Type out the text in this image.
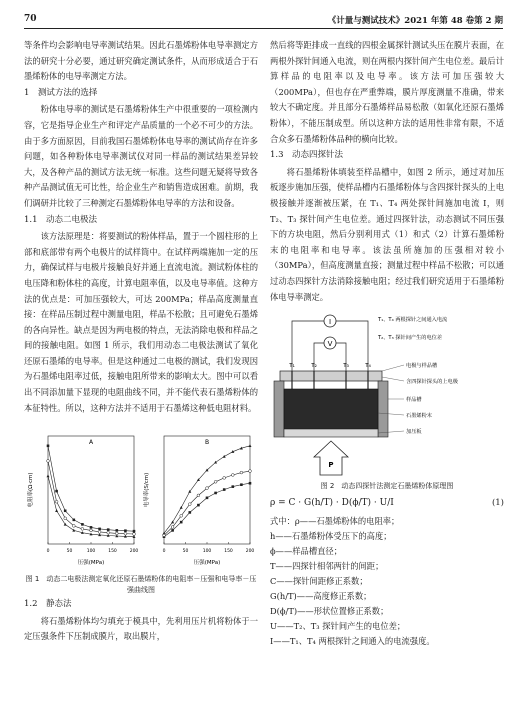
70	《计量与测试技术》2021 年第 48 卷第 2 期

等条件均会影响电导率测试结果。因此石墨烯粉体电导率测定方法的研究十分必要，通过研究确定测试条件，从而形成适合于石墨烯粉体的电导率测定方法。

1　测试方法的选择

粉体电导率的测试是石墨烯粉体生产中很重要的一项检测内容，它是指导企业生产和评定产品质量的一个必不可少的方法。由于多方面原因，目前我国石墨烯粉体电导率的测试尚存在许多问题，如各种粉体电导率测试仪对同一样品的测试结果差异较大，及各种产品的测试方法无统一标准。这些问题无疑将导致各种产品测试值无可比性，给企业生产和销售造成困难。前期，我们调研并比较了三种测定石墨烯粉体电导率的方法和设备。

1.1　动态二电极法

该方法原理是：将要测试的粉体样品，置于一个圆柱形的上部和底部带有两个电极片的试样筒中。在试样两端施加一定的压力，确保试样与电极片接触良好并通上直流电流。测试粉体柱的电压降和粉体柱的高度，计算电阻率值，以及电导率值。这种方法的优点是：可加压强较大，可达 200MPa；样品高度测量直接：在样品压制过程中测量电阻，样品不松散；且可避免石墨烯的各向异性。缺点是因为两电极的特点，无法消除电极和样品之间的接触电阻。如图 1 所示，我们用动态二电极法测试了氧化还原石墨烯的电导率。但是这种通过二电极的测试，我们发现因为石墨烯电阻率过低，接触电阻所带来的影响太大。图中可以看出不同添加量下显现的电阻曲线不同，并不能代表石墨烯粉体的本征特性。所以，这种方法并不适用于石墨烯这种低电阻材料。

A
压强(MPa)
电阻率(Ω·cm)
0	50	100	150	200
B
压强(MPa)
电导率(S/cm)
0	50	100	150	200
图 1　动态二电极法测定氧化还原石墨烯粉体的电阻率－压强和电导率－压强曲线图
1.2　静态法

将石墨烯粉体均匀填充于模具中，先利用压片机将粉体于一定压强条件下压制成膜片，取出膜片，

然后将等距排成一直线的四根金属探针测试头压在膜片表面，在两根外探针间通入电流，则在两根内探针间产生电位差。最后计算样品的电阻率以及电导率。该方法可加压强较大（200MPa），但也存在严重弊端，膜片厚度测量不准确，带来较大不确定度。并且部分石墨烯样品易松散（如氧化还原石墨烯粉体），不能压制成型。所以这种方法的适用性非常有限，不适合众多石墨烯粉体品种的横向比较。

1.3　动态四探针法

将石墨烯粉体填装至样品槽中，如图 2 所示，通过对加压板逐步施加压强，使样品槽内石墨烯粉体与含四探针探头的上电极接触并逐渐被压紧，在 T₁、T₄ 两处探针间施加电流 I，则 T₂、T₃ 探针间产生电位差。通过四探针法，动态测试不同压强下的方块电阻，然后分别利用式（1）和式（2）计算石墨烯粉末的电阻率和电导率。该法虽所施加的压强相对较小（30MPa），但高度测量直接；测量过程中样品不松散；可以通过动态四探针方法消除接触电阻；经过我们研究适用于石墨烯粉体电导率测定。

I
V
T₁、T₄ 两根探针之间通入电流
T₂、T₃ 探针间产生的电位差
T₁	T₂	T₃	T₄
P
电极与样品槽
含四探针探头的上电极
样品槽
石墨烯粉末
加压板
图 2　动态四探针法测定石墨烯粉体原理图
ρ = C · G(h/T) · D(ϕ/T) · U/I	(1)
式中：ρ——石墨烯粉体的电阻率；
h——石墨烯粉体受压下的高度；
ϕ——样品槽直径；
T——四探针相邻两针的间距；
C——探针间距修正系数；
G(h/T)——高度修正系数；
D(ϕ/T)——形状位置修正系数；
U——T₂、T₃ 探针间产生的电位差；
I——T₁、T₄ 两根探针之间通入的电流强度。
